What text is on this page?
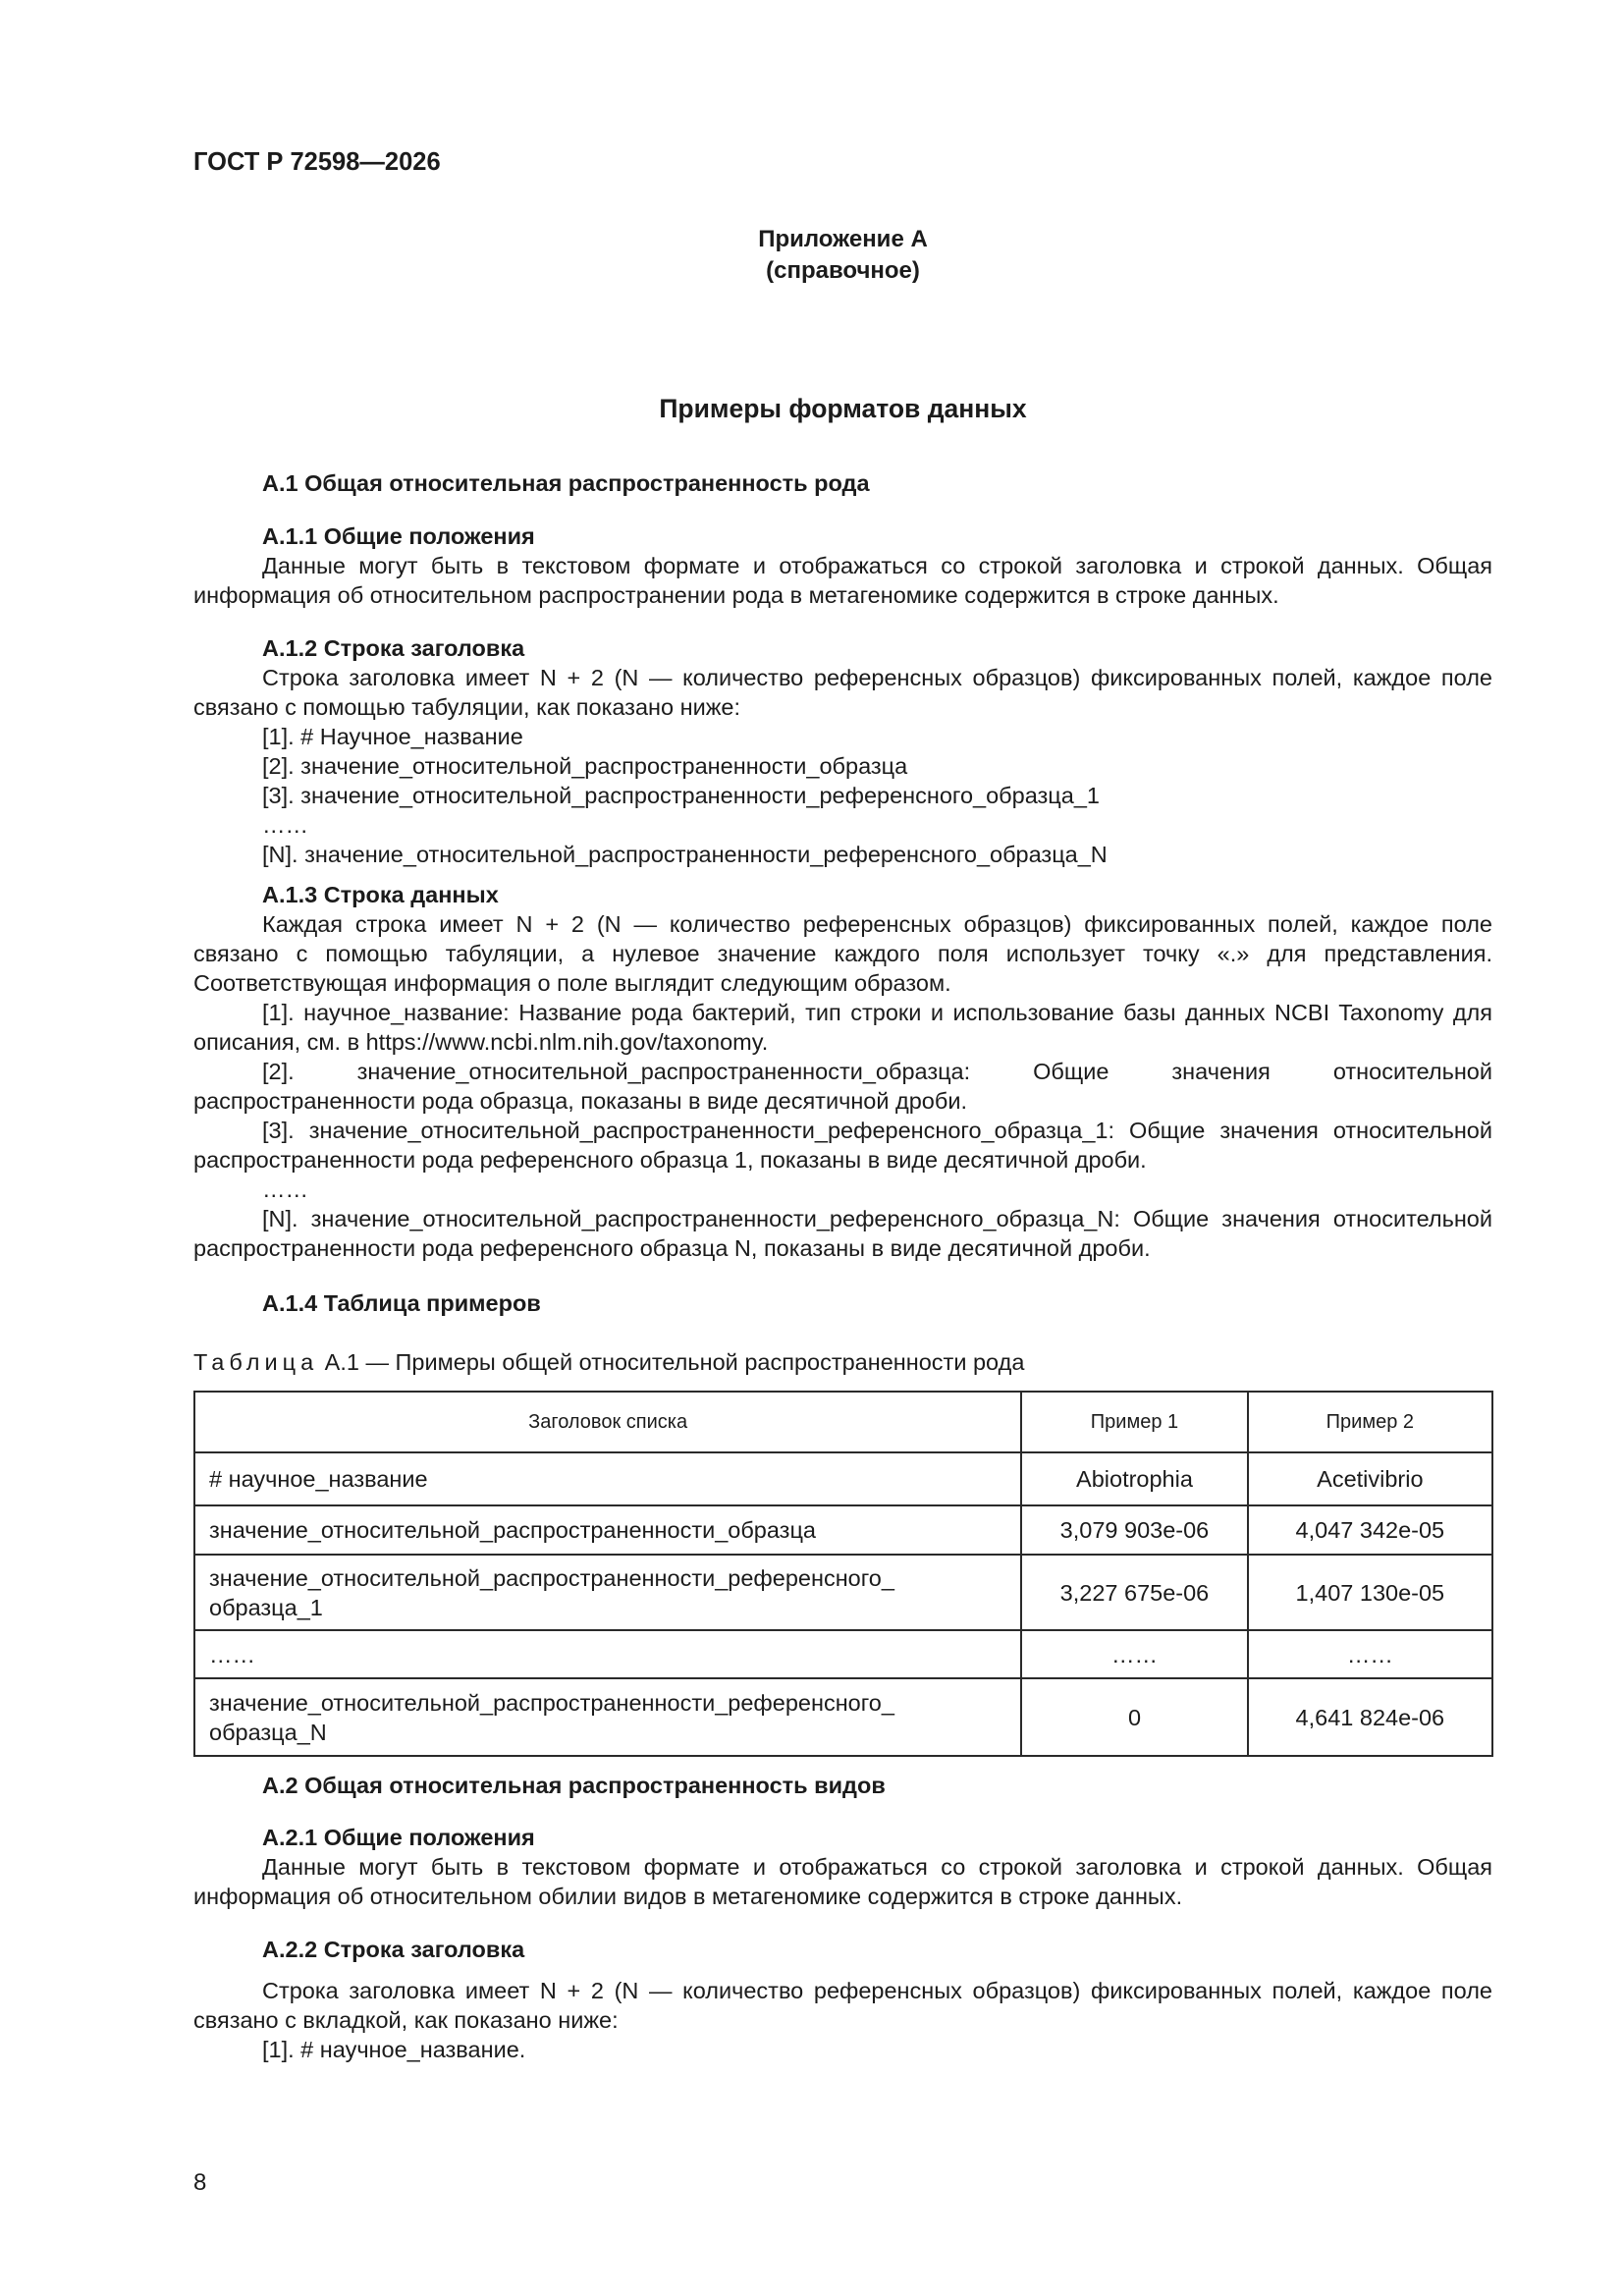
ГОСТ Р 72598—2026
Приложение А
(справочное)
Примеры форматов данных

А.1 Общая относительная распространенность рода

А.1.1 Общие положения

Данные могут быть в текстовом формате и отображаться со строкой заголовка и строкой данных. Общая информация об относительном распространении рода в метагеномике содержится в строке данных.

А.1.2 Строка заголовка

Строка заголовка имеет N + 2 (N — количество референсных образцов) фиксированных полей, каждое поле связано с помощью табуляции, как показано ниже:

[1]. # Научное_название

[2]. значение_относительной_распространенности_образца

[3]. значение_относительной_распространенности_референсного_образца_1

……

[N]. значение_относительной_распространенности_референсного_образца_N

А.1.3 Строка данных

Каждая строка имеет N + 2 (N — количество референсных образцов) фиксированных полей, каждое поле связано с помощью табуляции, а нулевое значение каждого поля использует точку «.» для представления. Соответствующая информация о поле выглядит следующим образом.

[1]. научное_название: Название рода бактерий, тип строки и использование базы данных NCBI Taxonomy для описания, см. в https://www.ncbi.nlm.nih.gov/taxonomy.

[2]. значение_относительной_распространенности_образца: Общие значения относительной распространенности рода образца, показаны в виде десятичной дроби.

[3]. значение_относительной_распространенности_референсного_образца_1: Общие значения относительной распространенности рода референсного образца 1, показаны в виде десятичной дроби.

……

[N]. значение_относительной_распространенности_референсного_образца_N: Общие значения относительной распространенности рода референсного образца N, показаны в виде десятичной дроби.

А.1.4 Таблица примеров

Таблица А.1 — Примеры общей относительной распространенности рода

Заголовок списка	Пример 1	Пример 2
# научное_название	Abiotrophia	Acetivibrio
значение_относительной_распространенности_образца	3,079 903e-06	4,047 342e-05
значение_относительной_распространенности_референсного_ образца_1	3,227 675e-06	1,407 130e-05
……	……	……
значение_относительной_распространенности_референсного_ образца_N	0	4,641 824e-06

А.2 Общая относительная распространенность видов

А.2.1 Общие положения

Данные могут быть в текстовом формате и отображаться со строкой заголовка и строкой данных. Общая информация об относительном обилии видов в метагеномике содержится в строке данных.

А.2.2 Строка заголовка

Строка заголовка имеет N + 2 (N — количество референсных образцов) фиксированных полей, каждое поле связано с вкладкой, как показано ниже:

[1]. # научное_название.

8
